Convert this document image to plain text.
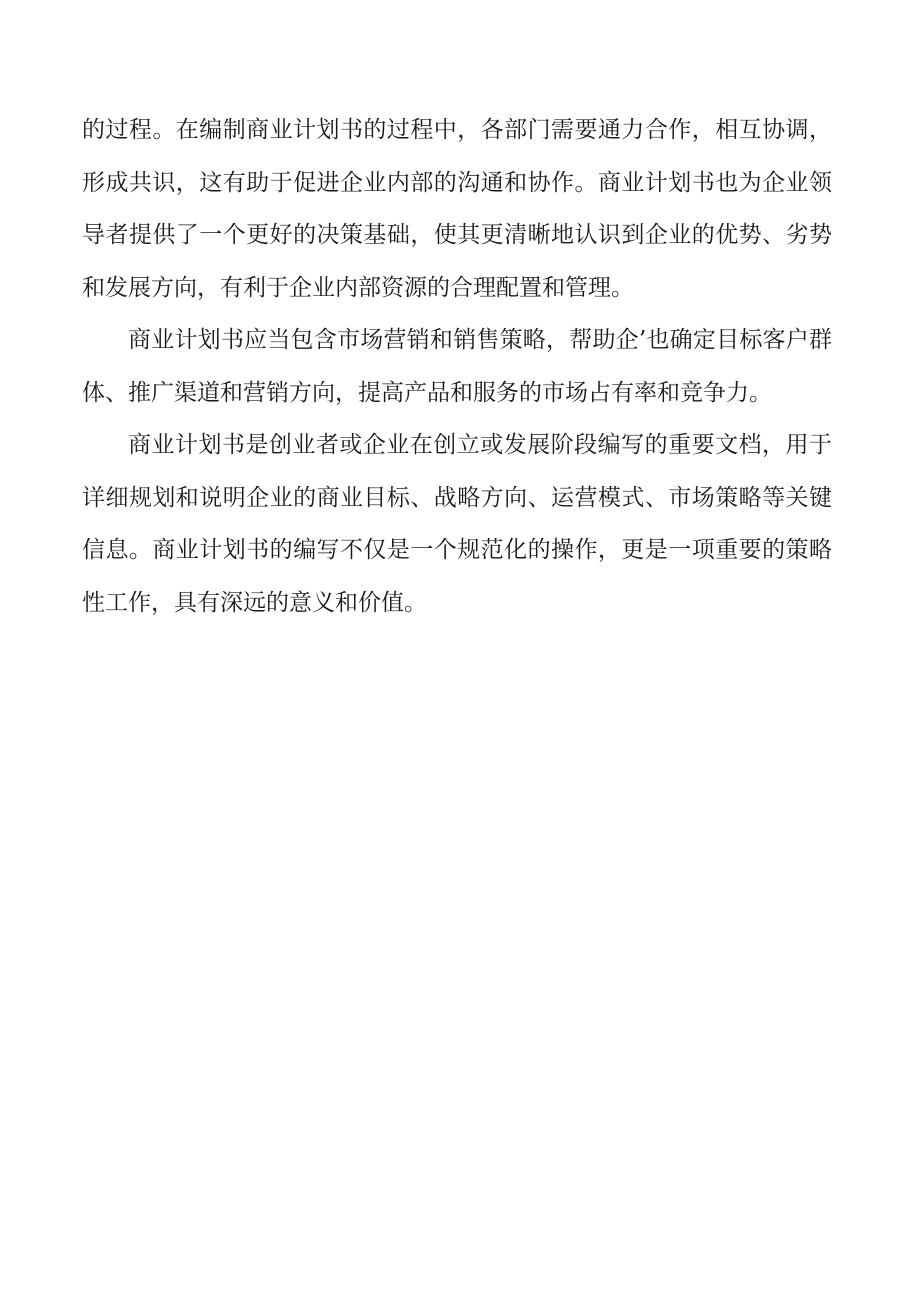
的过程。在编制商业计划书的过程中，各部门需要通力合作，相互协调，形成共识，这有助于促进企业内部的沟通和协作。商业计划书也为企业领导者提供了一个更好的决策基础，使其更清晰地认识到企业的优势、劣势和发展方向，有利于企业内部资源的合理配置和管理。

商业计划书应当包含市场营销和销售策略，帮助企’也确定目标客户群体、推广渠道和营销方向，提高产品和服务的市场占有率和竞争力。

商业计划书是创业者或企业在创立或发展阶段编写的重要文档，用于详细规划和说明企业的商业目标、战略方向、运营模式、市场策略等关键信息。商业计划书的编写不仅是一个规范化的操作，更是一项重要的策略性工作，具有深远的意义和价值。
